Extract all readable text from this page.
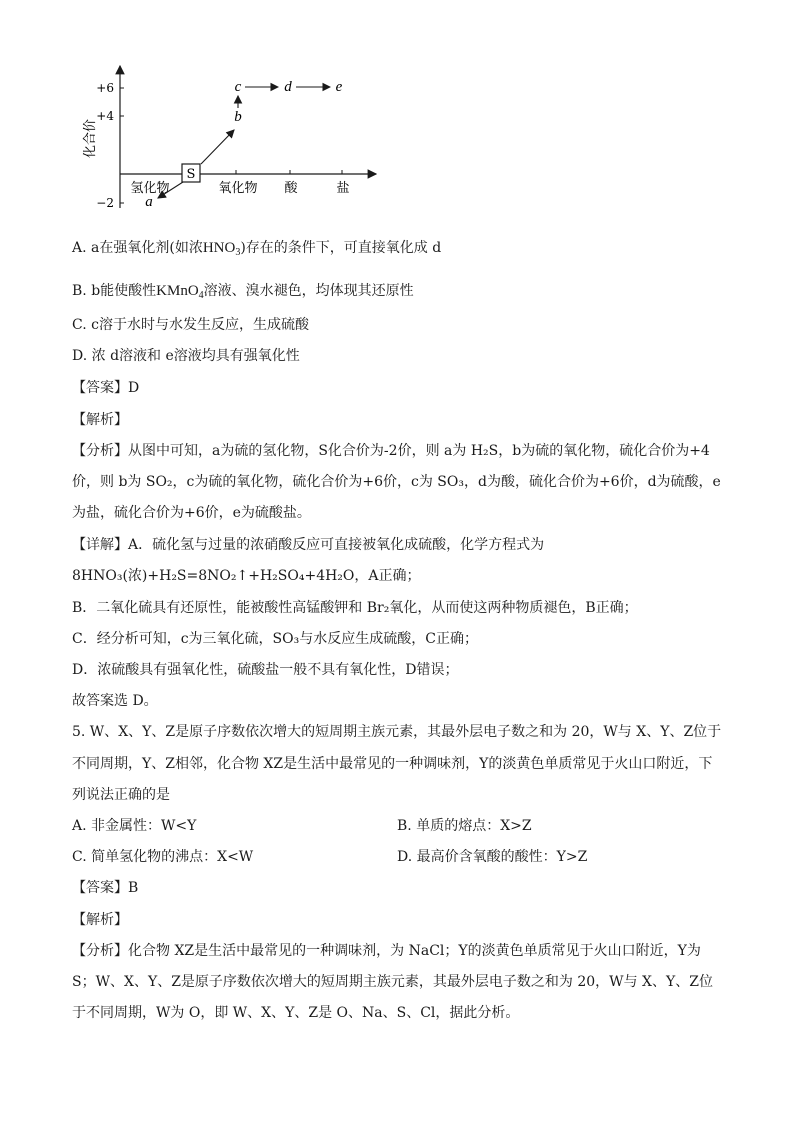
+6
+4
−2
化合价
氢化物	氧化物 酸	盐
S
a
b
c	d	e
A. a在强氧化剂(如浓$HNO_3$)存在的条件下，可直接氧化成 d
B. b能使酸性KMnO$_4$溶液、溴水褪色，均体现其还原性
C. c溶于水时与水发生反应，生成硫酸
D. 浓 d溶液和 e溶液均具有强氧化性
【答案】D
【解析】
【分析】从图中可知，a为硫的氢化物，S化合价为-2价，则 a为 H₂S，b为硫的氧化物，硫化合价为+4
价，则 b为 SO₂，c为硫的氧化物，硫化合价为+6价，c为 SO₃，d为酸，硫化合价为+6价，d为硫酸，e
为盐，硫化合价为+6价，e为硫酸盐。
【详解】A．硫化氢与过量的浓硝酸反应可直接被氧化成硫酸，化学方程式为
8HNO₃(浓)+H₂S=8NO₂↑+H₂SO₄+4H₂O，A正确；
B．二氧化硫具有还原性，能被酸性高锰酸钾和 Br₂氧化，从而使这两种物质褪色，B正确；
C．经分析可知，c为三氧化硫，SO₃与水反应生成硫酸，C正确；
D．浓硫酸具有强氧化性，硫酸盐一般不具有氧化性，D错误；
故答案选 D。
5. W、X、Y、Z是原子序数依次增大的短周期主族元素，其最外层电子数之和为 20，W与 X、Y、Z位于
不同周期，Y、Z相邻，化合物 XZ是生活中最常见的一种调味剂，Y的淡黄色单质常见于火山口附近，下
列说法正确的是
A. 非金属性：W<Y	B. 单质的熔点：X>Z
C. 简单氢化物的沸点：X<W	D. 最高价含氧酸的酸性：Y>Z
【答案】B
【解析】
【分析】化合物 XZ是生活中最常见的一种调味剂，为 NaCl；Y的淡黄色单质常见于火山口附近，Y为
S；W、X、Y、Z是原子序数依次增大的短周期主族元素，其最外层电子数之和为 20，W与 X、Y、Z位
于不同周期，W为 O，即 W、X、Y、Z是 O、Na、S、Cl，据此分析。
